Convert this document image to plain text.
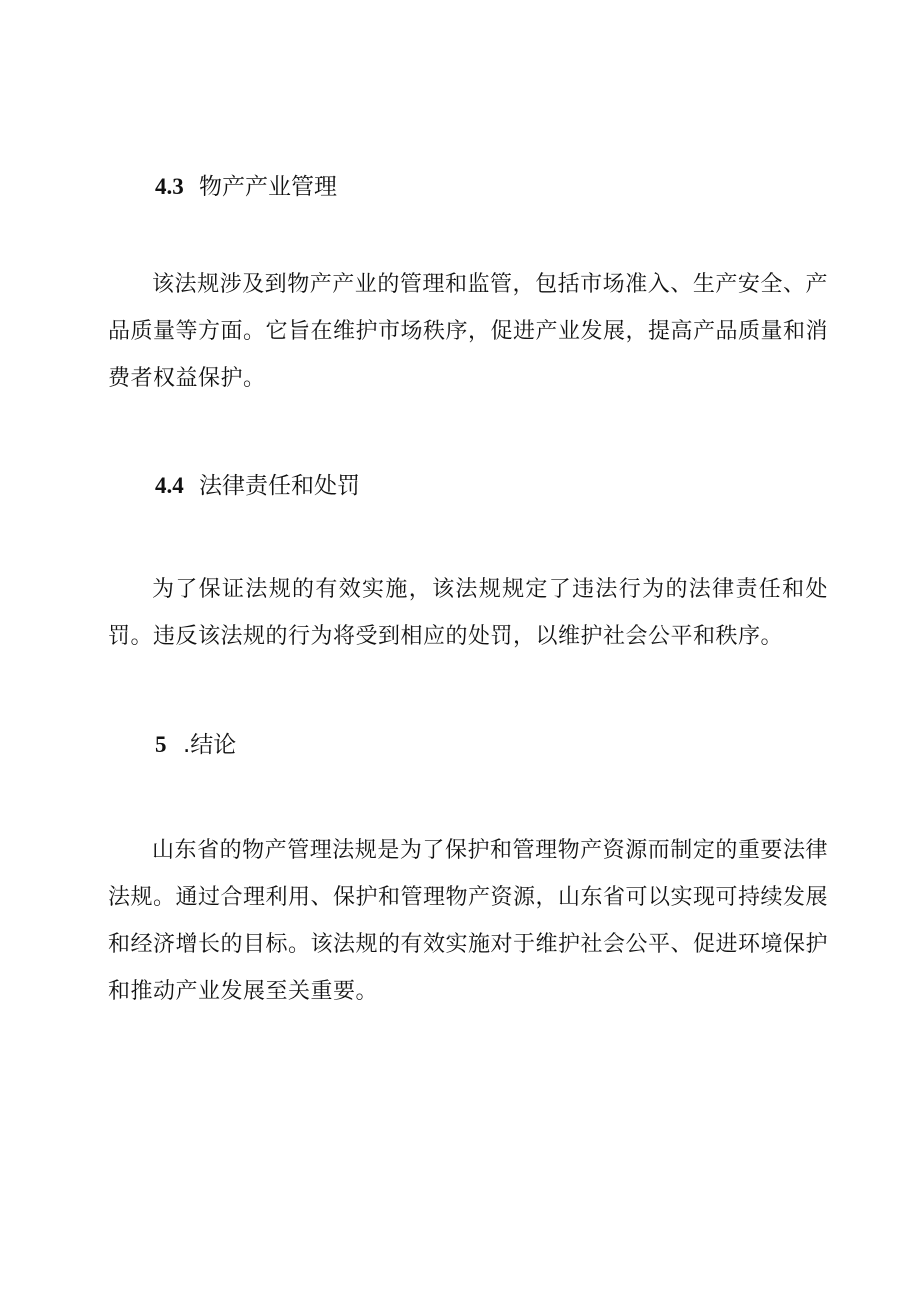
4.3 物产产业管理
该法规涉及到物产产业的管理和监管，包括市场准入、生产安全、产品质量等方面。它旨在维护市场秩序，促进产业发展，提高产品质量和消费者权益保护。
4.4 法律责任和处罚
为了保证法规的有效实施，该法规规定了违法行为的法律责任和处罚。违反该法规的行为将受到相应的处罚，以维护社会公平和秩序。
5 .结论
山东省的物产管理法规是为了保护和管理物产资源而制定的重要法律法规。通过合理利用、保护和管理物产资源，山东省可以实现可持续发展和经济增长的目标。该法规的有效实施对于维护社会公平、促进环境保护和推动产业发展至关重要。
